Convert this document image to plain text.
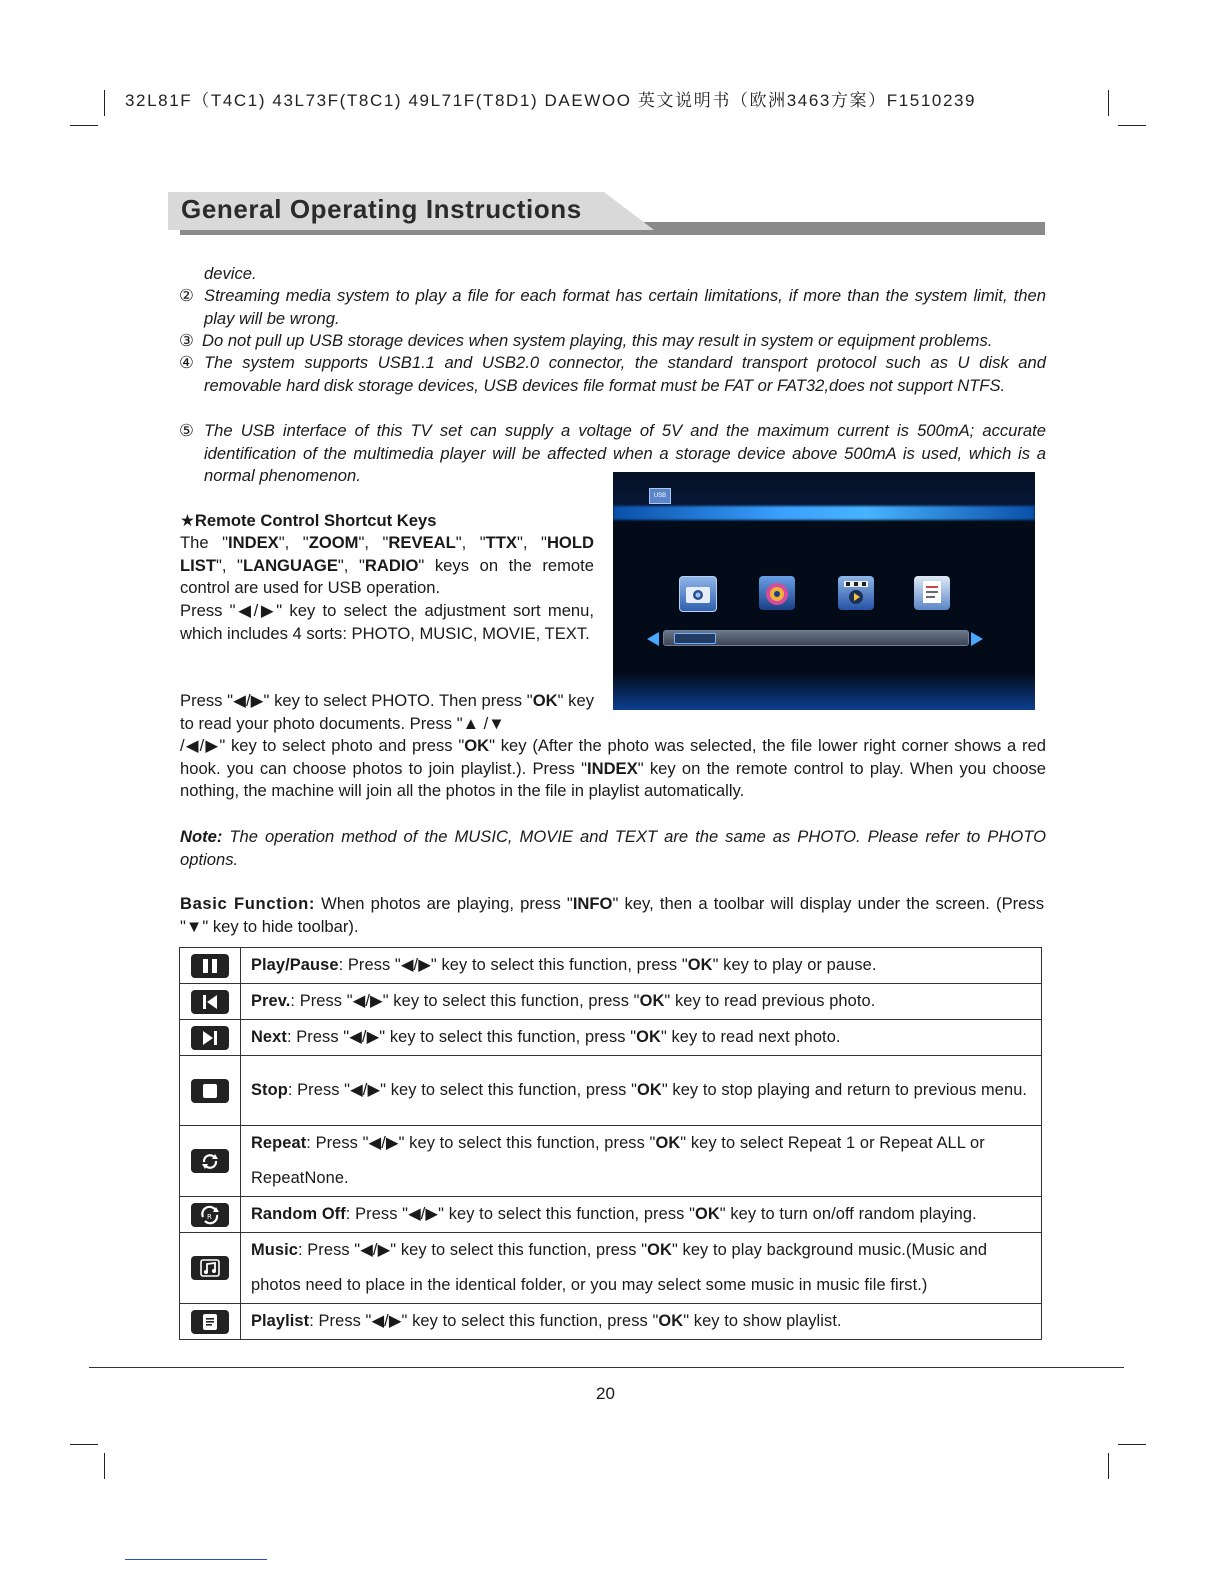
32L81F（T4C1) 43L73F(T8C1) 49L71F(T8D1) DAEWOO 英文说明书（欧洲3463方案）F1510239
General Operating Instructions
device.
② Streaming media system to play a file for each format has certain limitations, if more than the system limit, then play will be wrong.
③ Do not pull up USB storage devices when system playing, this may result in system or equipment problems.
④ The system supports USB1.1 and USB2.0 connector, the standard transport protocol such as U disk and removable hard disk storage devices, USB devices file format must be FAT or FAT32,does not support NTFS.
⑤ The USB interface of this TV set can supply a voltage of 5V and the maximum current is 500mA; accurate identification of the multimedia player will be affected when a storage device above 500mA is used, which is a normal phenomenon.
★Remote Control Shortcut Keys
The "INDEX", "ZOOM", "REVEAL", "TTX", "HOLD LIST", "LANGUAGE", "RADIO" keys on the remote control are used for USB operation.
Press "◀/▶" key to select the adjustment sort menu, which includes 4 sorts: PHOTO, MUSIC, MOVIE, TEXT.
Press "◀/▶" key to select PHOTO. Then press "OK" key to read your photo documents. Press "▲ /▼
/◀/▶" key to select photo and press "OK" key (After the photo was selected, the file lower right corner shows a red hook. you can choose photos to join playlist.). Press "INDEX" key on the remote control to play. When you choose nothing, the machine will join all the photos in the file in playlist automatically.
USB
Note: The operation method of the MUSIC, MOVIE and TEXT are the same as PHOTO. Please refer to PHOTO options.
Basic Function: When photos are playing, press "INFO" key, then a toolbar will display under the screen. (Press "▼" key to hide toolbar).
	Play/Pause: Press "◀/▶" key to select this function, press "OK" key to play or pause.

	Prev.: Press "◀/▶" key to select this function, press "OK" key to read previous photo.

	Next: Press "◀/▶" key to select this function, press "OK" key to read next photo.

	Stop: Press "◀/▶" key to select this function, press "OK" key to stop playing and return to previous menu.

	Repeat: Press "◀/▶" key to select this function, press "OK" key to select Repeat 1 or Repeat ALL or RepeatNone.

R	Random Off: Press "◀/▶" key to select this function, press "OK" key to turn on/off random playing.

	Music: Press "◀/▶" key to select this function, press "OK" key to play background music.(Music and photos need to place in the identical folder, or you may select some music in music file first.)

	Playlist: Press "◀/▶" key to select this function, press "OK" key to show playlist.
20
